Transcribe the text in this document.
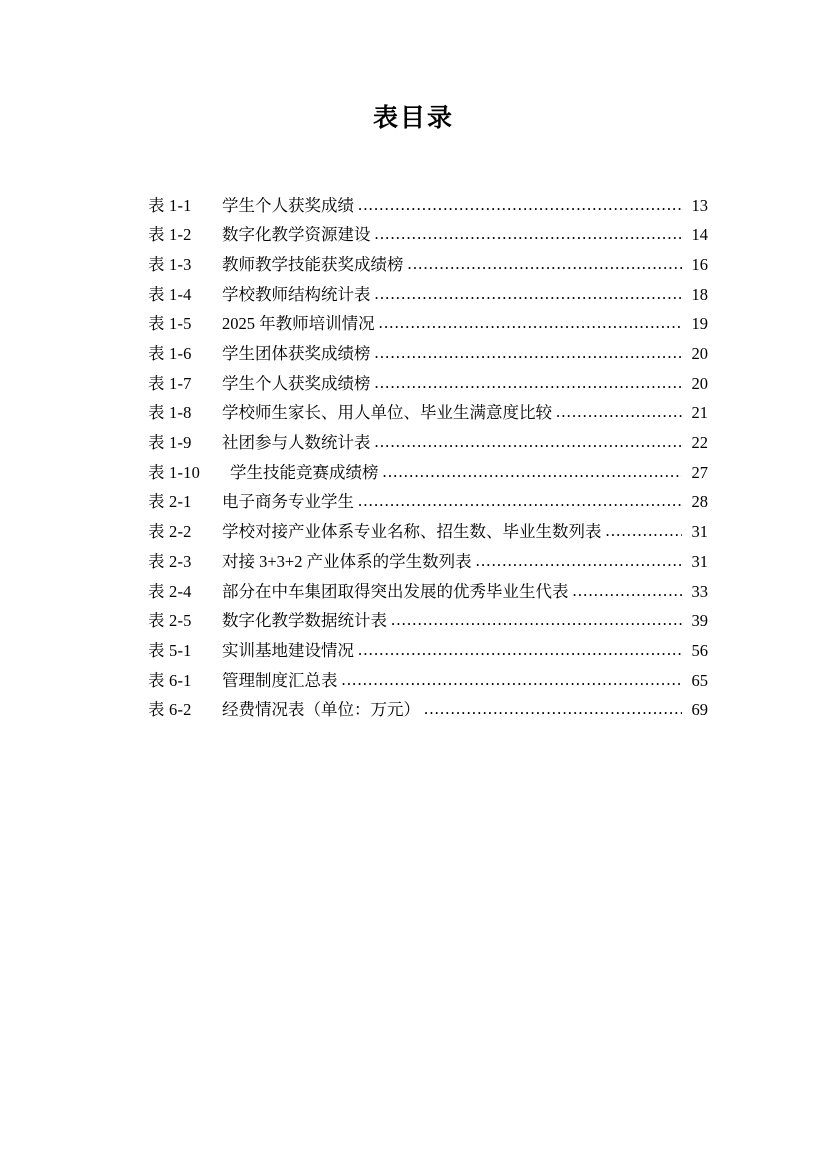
表目录
表 1-1	学生个人获奖成绩 .....	13
表 1-2	数字化教学资源建设 .....	14
表 1-3	教师教学技能获奖成绩榜 .....	16
表 1-4	学校教师结构统计表 .....	18
表 1-5	2025 年教师培训情况 .....	19
表 1-6	学生团体获奖成绩榜 .....	20
表 1-7	学生个人获奖成绩榜 .....	20
表 1-8	学校师生家长、用人单位、毕业生满意度比较 .....	21
表 1-9	社团参与人数统计表 .....	22
表 1-10	学生技能竞赛成绩榜 .....	27
表 2-1	电子商务专业学生 .....	28
表 2-2	学校对接产业体系专业名称、招生数、毕业生数列表 .....	31
表 2-3	对接 3+3+2 产业体系的学生数列表 .....	31
表 2-4	部分在中车集团取得突出发展的优秀毕业生代表 .....	33
表 2-5	数字化教学数据统计表 .....	39
表 5-1	实训基地建设情况 .....	56
表 6-1	管理制度汇总表 .....	65
表 6-2	经费情况表（单位：万元） .....	69
